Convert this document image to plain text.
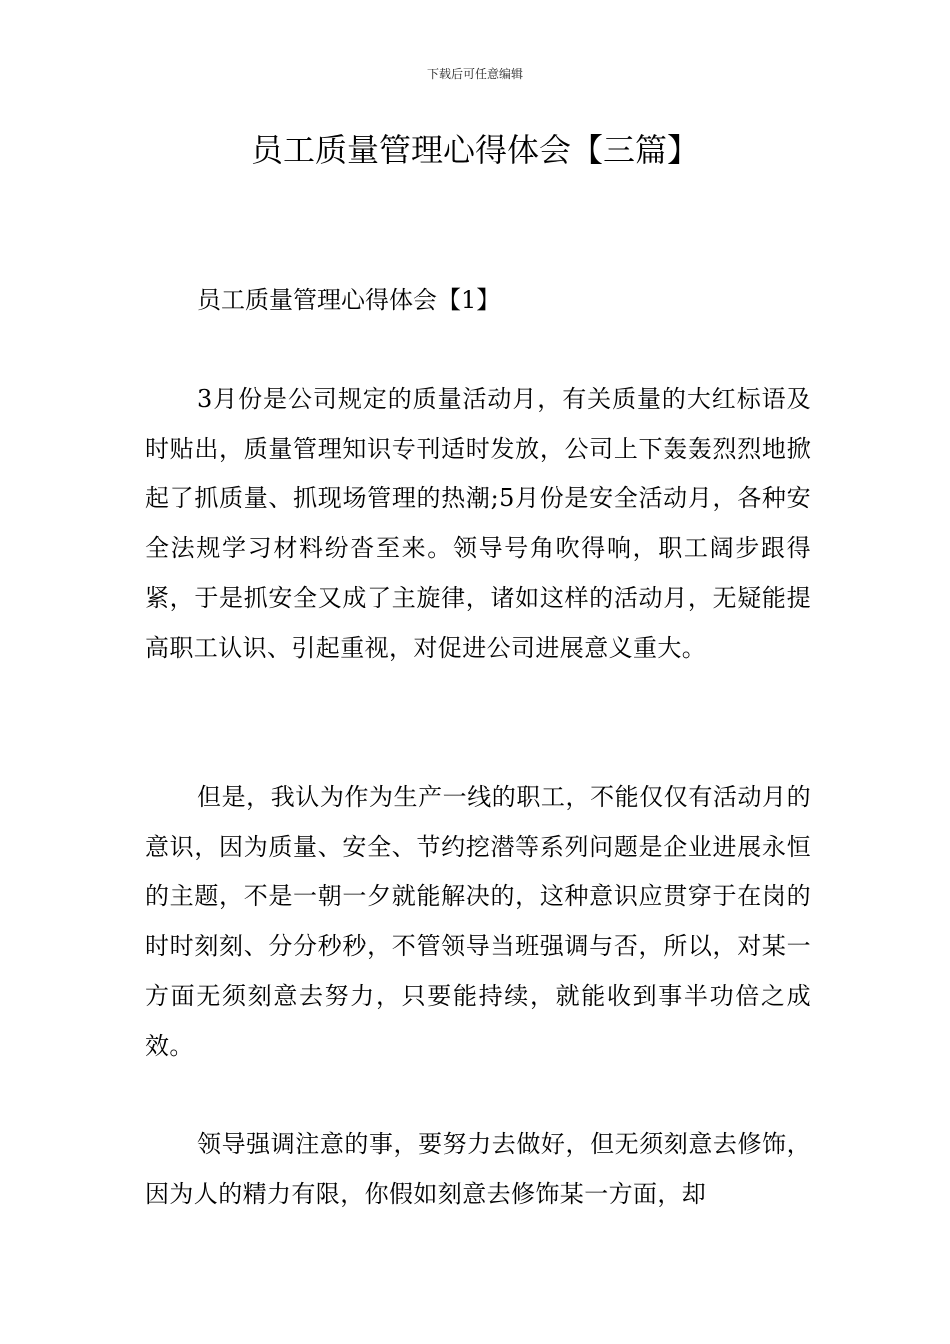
下载后可任意编辑
员工质量管理心得体会【三篇】
员工质量管理心得体会【1】

3月份是公司规定的质量活动月，有关质量的大红标语及时贴出，质量管理知识专刊适时发放，公司上下轰轰烈烈地掀起了抓质量、抓现场管理的热潮;5月份是安全活动月，各种安全法规学习材料纷沓至来。领导号角吹得响，职工阔步跟得紧，于是抓安全又成了主旋律，诸如这样的活动月，无疑能提高职工认识、引起重视，对促进公司进展意义重大。

但是，我认为作为生产一线的职工，不能仅仅有活动月的意识，因为质量、安全、节约挖潜等系列问题是企业进展永恒的主题，不是一朝一夕就能解决的，这种意识应贯穿于在岗的时时刻刻、分分秒秒，不管领导当班强调与否，所以，对某一方面无须刻意去努力，只要能持续，就能收到事半功倍之成效。

领导强调注意的事，要努力去做好，但无须刻意去修饰，因为人的精力有限，你假如刻意去修饰某一方面，却
